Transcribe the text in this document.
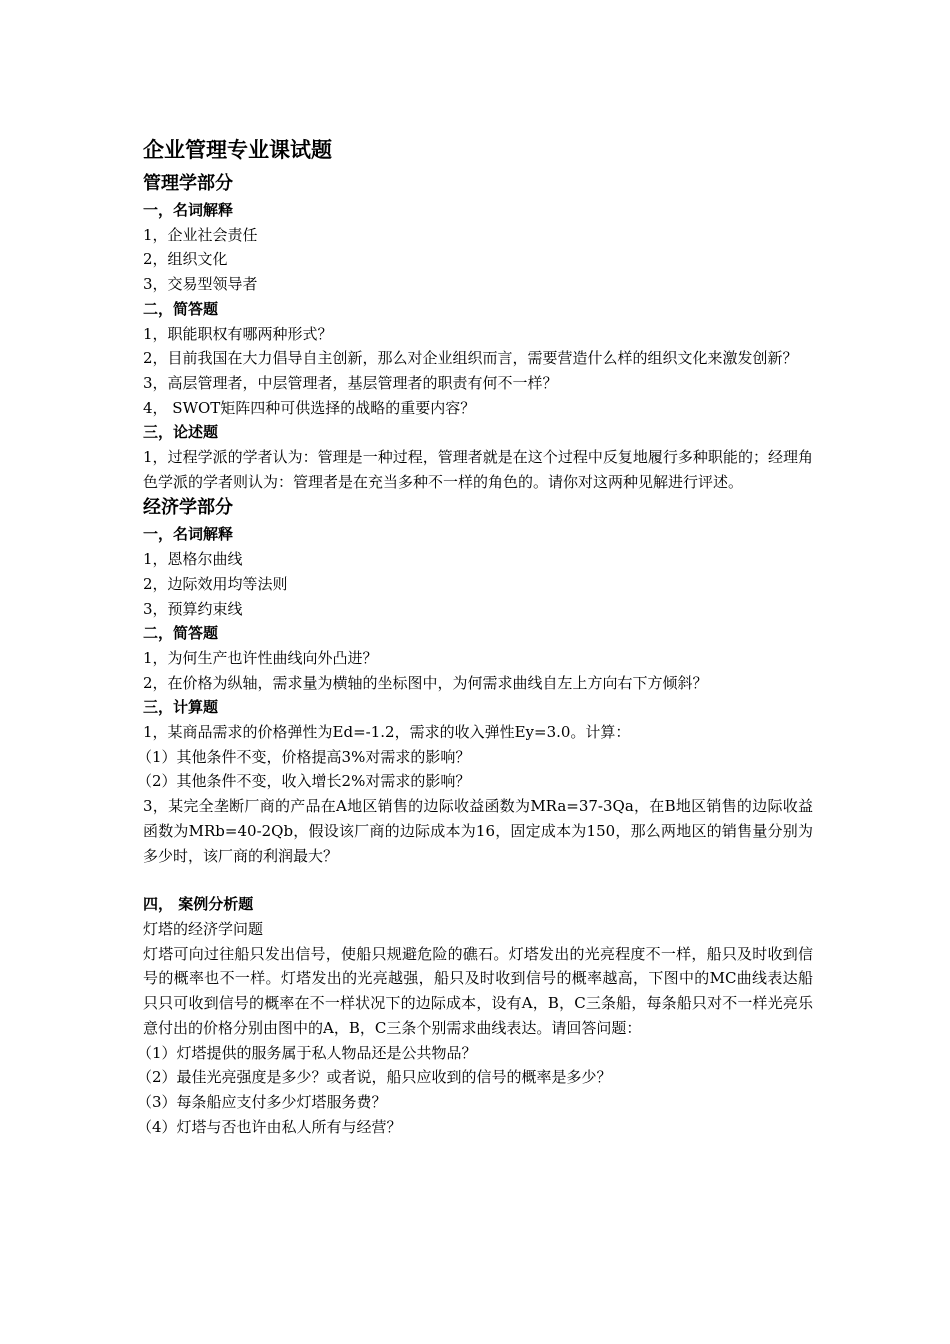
企业管理专业课试题
管理学部分
一，名词解释
1，企业社会责任
2，组织文化
3，交易型领导者
二，简答题
1，职能职权有哪两种形式？
2，目前我国在大力倡导自主创新，那么对企业组织而言，需要营造什么样的组织文化来激发创新？
3，高层管理者，中层管理者，基层管理者的职责有何不一样？
4， SWOT矩阵四种可供选择的战略的重要内容？
三，论述题
1，过程学派的学者认为：管理是一种过程，管理者就是在这个过程中反复地履行多种职能的；经理角色学派的学者则认为：管理者是在充当多种不一样的角色的。请你对这两种见解进行评述。
经济学部分
一，名词解释
1，恩格尔曲线
2，边际效用均等法则
3，预算约束线
二，简答题
1，为何生产也许性曲线向外凸进？
2，在价格为纵轴，需求量为横轴的坐标图中，为何需求曲线自左上方向右下方倾斜？
三，计算题
1，某商品需求的价格弹性为Ed=-1.2，需求的收入弹性Ey=3.0。计算：
（1）其他条件不变，价格提高3%对需求的影响？
（2）其他条件不变，收入增长2%对需求的影响？
3，某完全垄断厂商的产品在A地区销售的边际收益函数为MRa=37-3Qa，在B地区销售的边际收益函数为MRb=40-2Qb，假设该厂商的边际成本为16，固定成本为150，那么两地区的销售量分别为多少时，该厂商的利润最大？
四， 案例分析题
灯塔的经济学问题
灯塔可向过往船只发出信号，使船只规避危险的礁石。灯塔发出的光亮程度不一样，船只及时收到信号的概率也不一样。灯塔发出的光亮越强，船只及时收到信号的概率越高，下图中的MC曲线表达船只只可收到信号的概率在不一样状况下的边际成本，设有A，B，C三条船，每条船只对不一样光亮乐意付出的价格分别由图中的A，B，C三条个别需求曲线表达。请回答问题：
（1）灯塔提供的服务属于私人物品还是公共物品？
（2）最佳光亮强度是多少？或者说，船只应收到的信号的概率是多少？
（3）每条船应支付多少灯塔服务费？
（4）灯塔与否也许由私人所有与经营？
